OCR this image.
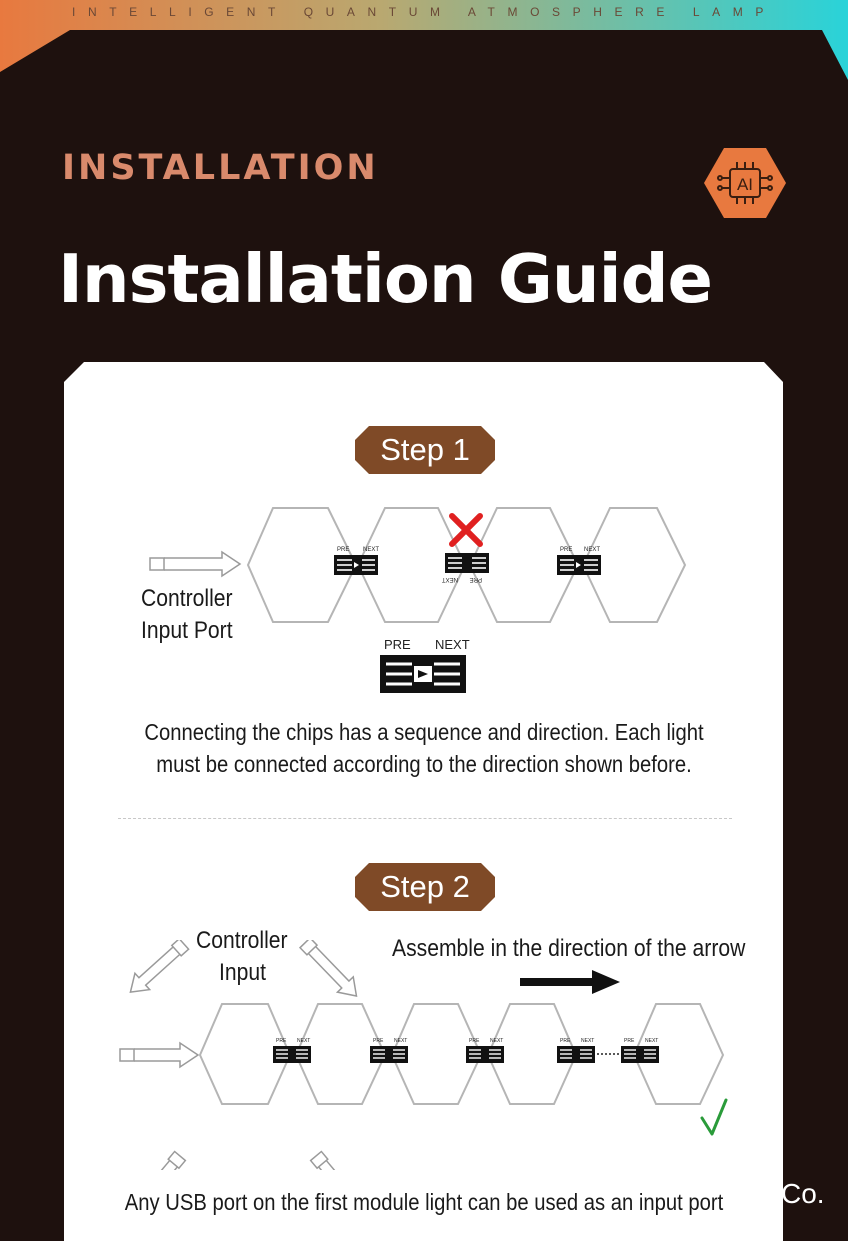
INTELLIGENT QUANTUM ATMOSPHERE LAMP
INSTALLATION	AI
Installation Guide
Step 1
PRE NEXT
NEXT PRE
PRE NEXT
PRE NEXT
Controller
Input Port
Connecting the chips has a sequence and direction. Each light
must be connected according to the direction shown before.
Step 2
Controller
Input
Assemble in the direction of the arrow
PRE NEXT	PRE NEXT	PRE NEXT	PRE NEXT	PRE NEXT
Any USB port on the first module light can be used as an input port	Co.
